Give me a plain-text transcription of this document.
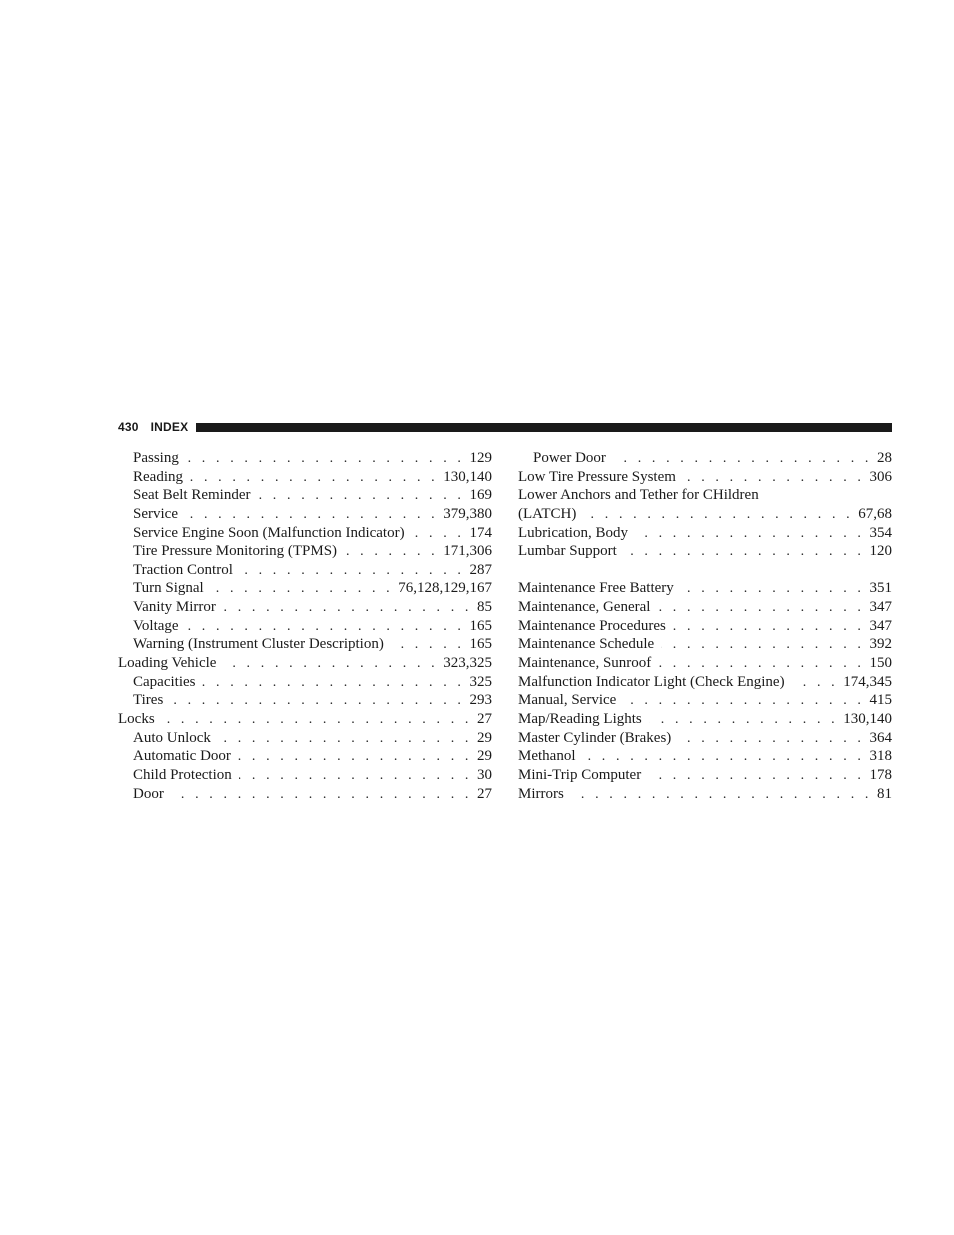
430 INDEX
Passing . . .	129
Reading . . .	130,140
Seat Belt Reminder . . .	169
Service . . .	379,380
Service Engine Soon (Malfunction Indicator) . . .	174
Tire Pressure Monitoring (TPMS) . . .	171,306
Traction Control . . .	287
Turn Signal . . .	76,128,129,167
Vanity Mirror . . .	85
Voltage . . .	165
Warning (Instrument Cluster Description) . . .	165
Loading Vehicle . . .	323,325
Capacities . . .	325
Tires . . .	293
Locks . . .	27
Auto Unlock . . .	29
Automatic Door . . .	29
Child Protection . . .	30
Door . . .	27
Power Door . . .	28
Low Tire Pressure System . . .	306
Lower Anchors and Tether for CHildren
(LATCH) . . .	67,68
Lubrication, Body . . .	354
Lumbar Support . . .	120
Maintenance Free Battery . . .	351
Maintenance, General . . .	347
Maintenance Procedures . . .	347
Maintenance Schedule . . .	392
Maintenance, Sunroof . . .	150
Malfunction Indicator Light (Check Engine) . . .	174,345
Manual, Service . . .	415
Map/Reading Lights . . .	130,140
Master Cylinder (Brakes) . . .	364
Methanol . . .	318
Mini-Trip Computer . . .	178
Mirrors . . .	81
